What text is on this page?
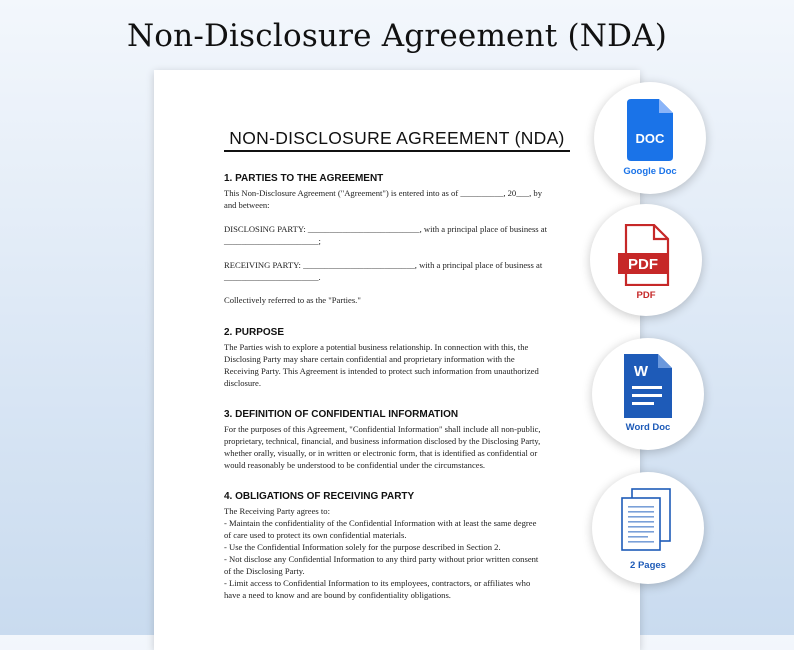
Non-Disclosure Agreement (NDA)
NON-DISCLOSURE AGREEMENT (NDA)
1. PARTIES TO THE AGREEMENT
This Non-Disclosure Agreement ("Agreement") is entered into as of __________, 20___, by
and between:
DISCLOSING PARTY: __________________________, with a principal place of business at
______________________;
RECEIVING PARTY: __________________________, with a principal place of business at
______________________.
Collectively referred to as the "Parties."
2. PURPOSE
The Parties wish to explore a potential business relationship. In connection with this, the
Disclosing Party may share certain confidential and proprietary information with the
Receiving Party. This Agreement is intended to protect such information from unauthorized
disclosure.
3. DEFINITION OF CONFIDENTIAL INFORMATION
For the purposes of this Agreement, "Confidential Information" shall include all non-public,
proprietary, technical, financial, and business information disclosed by the Disclosing Party,
whether orally, visually, or in written or electronic form, that is identified as confidential or
would reasonably be understood to be confidential under the circumstances.
4. OBLIGATIONS OF RECEIVING PARTY
The Receiving Party agrees to:
- Maintain the confidentiality of the Confidential Information with at least the same degree
of care used to protect its own confidential materials.
- Use the Confidential Information solely for the purpose described in Section 2.
- Not disclose any Confidential Information to any third party without prior written consent
of the Disclosing Party.
- Limit access to Confidential Information to its employees, contractors, or affiliates who
have a need to know and are bound by confidentiality obligations.
DOC
Google Doc
PDF
PDF
W
Word Doc
2 Pages
